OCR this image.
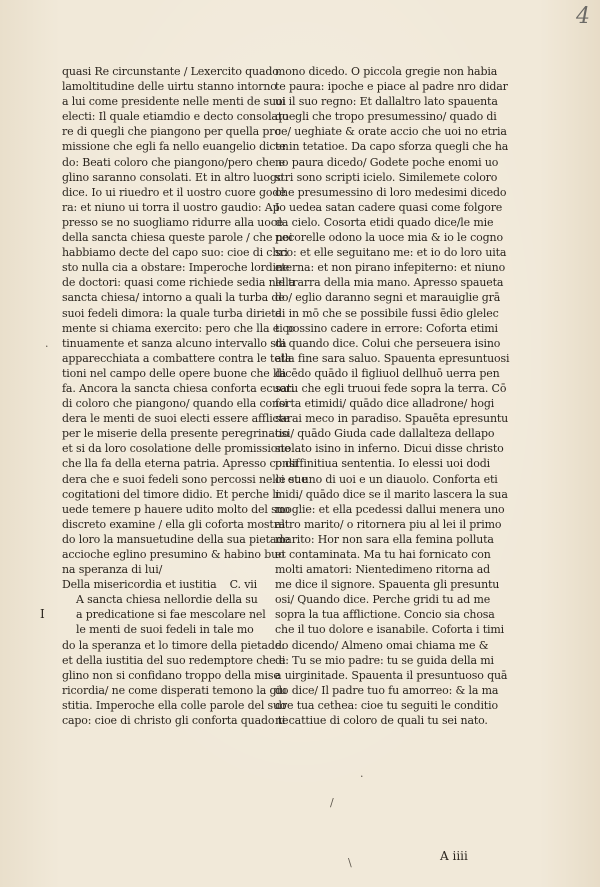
4
quasi Re circunstante / Lexercito quado
lamoltitudine delle uirtu stanno intorno
a lui come presidente nelle menti de suoi
electi: Il quale etiamdio e decto consolato
re di quegli che piangono per quella pro
missione che egli fa nello euangelio dicen
do: Beati coloro che piangono/pero che e
glino saranno consolati. Et in altro luogo
dice. Io ui riuedro et il uostro cuore gode
ra: et niuno ui torra il uostro gaudio: Ap
presso se no suogliamo ridurre alla uoce
della sancta chiesa queste parole / che noi
habbiamo decte del capo suo: cioe di chri
sto nulla cia a obstare: Imperoche lordine
de doctori: quasi come richiede sedia nella
sancta chiesa/ intorno a quali la turba de
suoi fedeli dimora: la quale turba dirieta
mente si chiama exercito: pero che lla e co
tinuamente et sanza alcuno intervallo sta
apparecchiata a combattere contra le teta
tioni nel campo delle opere buone che lla
fa. Ancora la sancta chiesa conforta ecuori
di coloro che piangono/ quando ella consi
dera le menti de suoi electi essere afflicte
per le miserie della presente peregrinatio
et si da loro cosolatione delle promissione
che lla fa della eterna patria. Apresso consi
dera che e suoi fedeli sono percossi nelle sue
cogitationi del timore didio. Et perche li
uede temere p hauere udito molto del suo
discreto examine / ella gli coforta mostra
do loro la mansuetudine della sua pietade
accioche eglino presumino & habino buo
na speranza di lui/
Della misericordia et iustitia C. vii
A sancta chiesa nellordie della su
I	a predicatione si fae mescolare nel
le menti de suoi fedeli in tale mo
do la speranza et lo timore della pietade:
et della iustitia del suo redemptore che e
glino non si confidano troppo della mise
ricordia/ ne come disperati temono la giu
stitia. Imperoche ella colle parole del suo
capo: cioe di christo gli conforta quado te
mono dicedo. O piccola gregie non habia
te paura: ipoche e piace al padre nro didar
ui il suo regno: Et dallaltro lato spauenta
quegli che tropo presumessino/ quado di
ce/ ueghiate & orate accio che uoi no etria
te in tetatioe. Da capo sforza quegli che ha
no paura dicedo/ Godete poche enomi uo
stri sono scripti icielo. Similemete coloro
che presumessino di loro medesimi dicedo
Io uedea satan cadere quasi come folgore
da cielo. Cosorta etidi quado dice/le mie
pecorelle odono la uoce mia & io le cogno
sco: et elle seguitano me: et io do loro uita
eterna: et non pirano infepiterno: et niuno
le trarra della mia mano. Apresso spaueta
do/ eglio daranno segni et marauiglie grā
di in mō che se possibile fussi ēdio glelec
ti possino cadere in errore: Coforta etimi
di quando dice. Colui che perseuera isino
alla fine sara saluo. Spauenta epresuntuosi
dicēdo quādo il figliuol dellhuō uerra pen
satu che egli truoui fede sopra la terra. Cō
forta etimidi/ quādo dice alladrone/ hogi
sarai meco in paradiso. Spauēta epresuntu
osi/ quādo Giuda cade dallalteza dellapo
stolato isino in inferno. Dicui disse christo
p diffinitiua sententia. Io elessi uoi dodi
ci et uno di uoi e un diauolo. Conforta eti
midi/ quādo dice se il marito lascera la sua
moglie: et ella pcedessi dallui menera uno
altro marito/ o ritornera piu al lei il primo
marito: Hor non sara ella femina polluta
et contaminata. Ma tu hai fornicato con
molti amatori: Nientedimeno ritorna ad
me dice il signore. Spauenta gli presuntu
osi/ Quando dice. Perche gridi tu ad me
sopra la tua afflictione. Concio sia chosa
che il tuo dolore e isanabile. Coforta i timi
do dicendo/ Almeno omai chiama me &
di: Tu se mio padre: tu se guida della mi
a uirginitade. Spauenta il presuntuoso quā
do dice/ Il padre tuo fu amorreo: & la ma
dre tua cethea: cioe tu seguiti le conditio
ni cattiue di coloro de quali tu sei nato.
A iiii
·
\
/
·
